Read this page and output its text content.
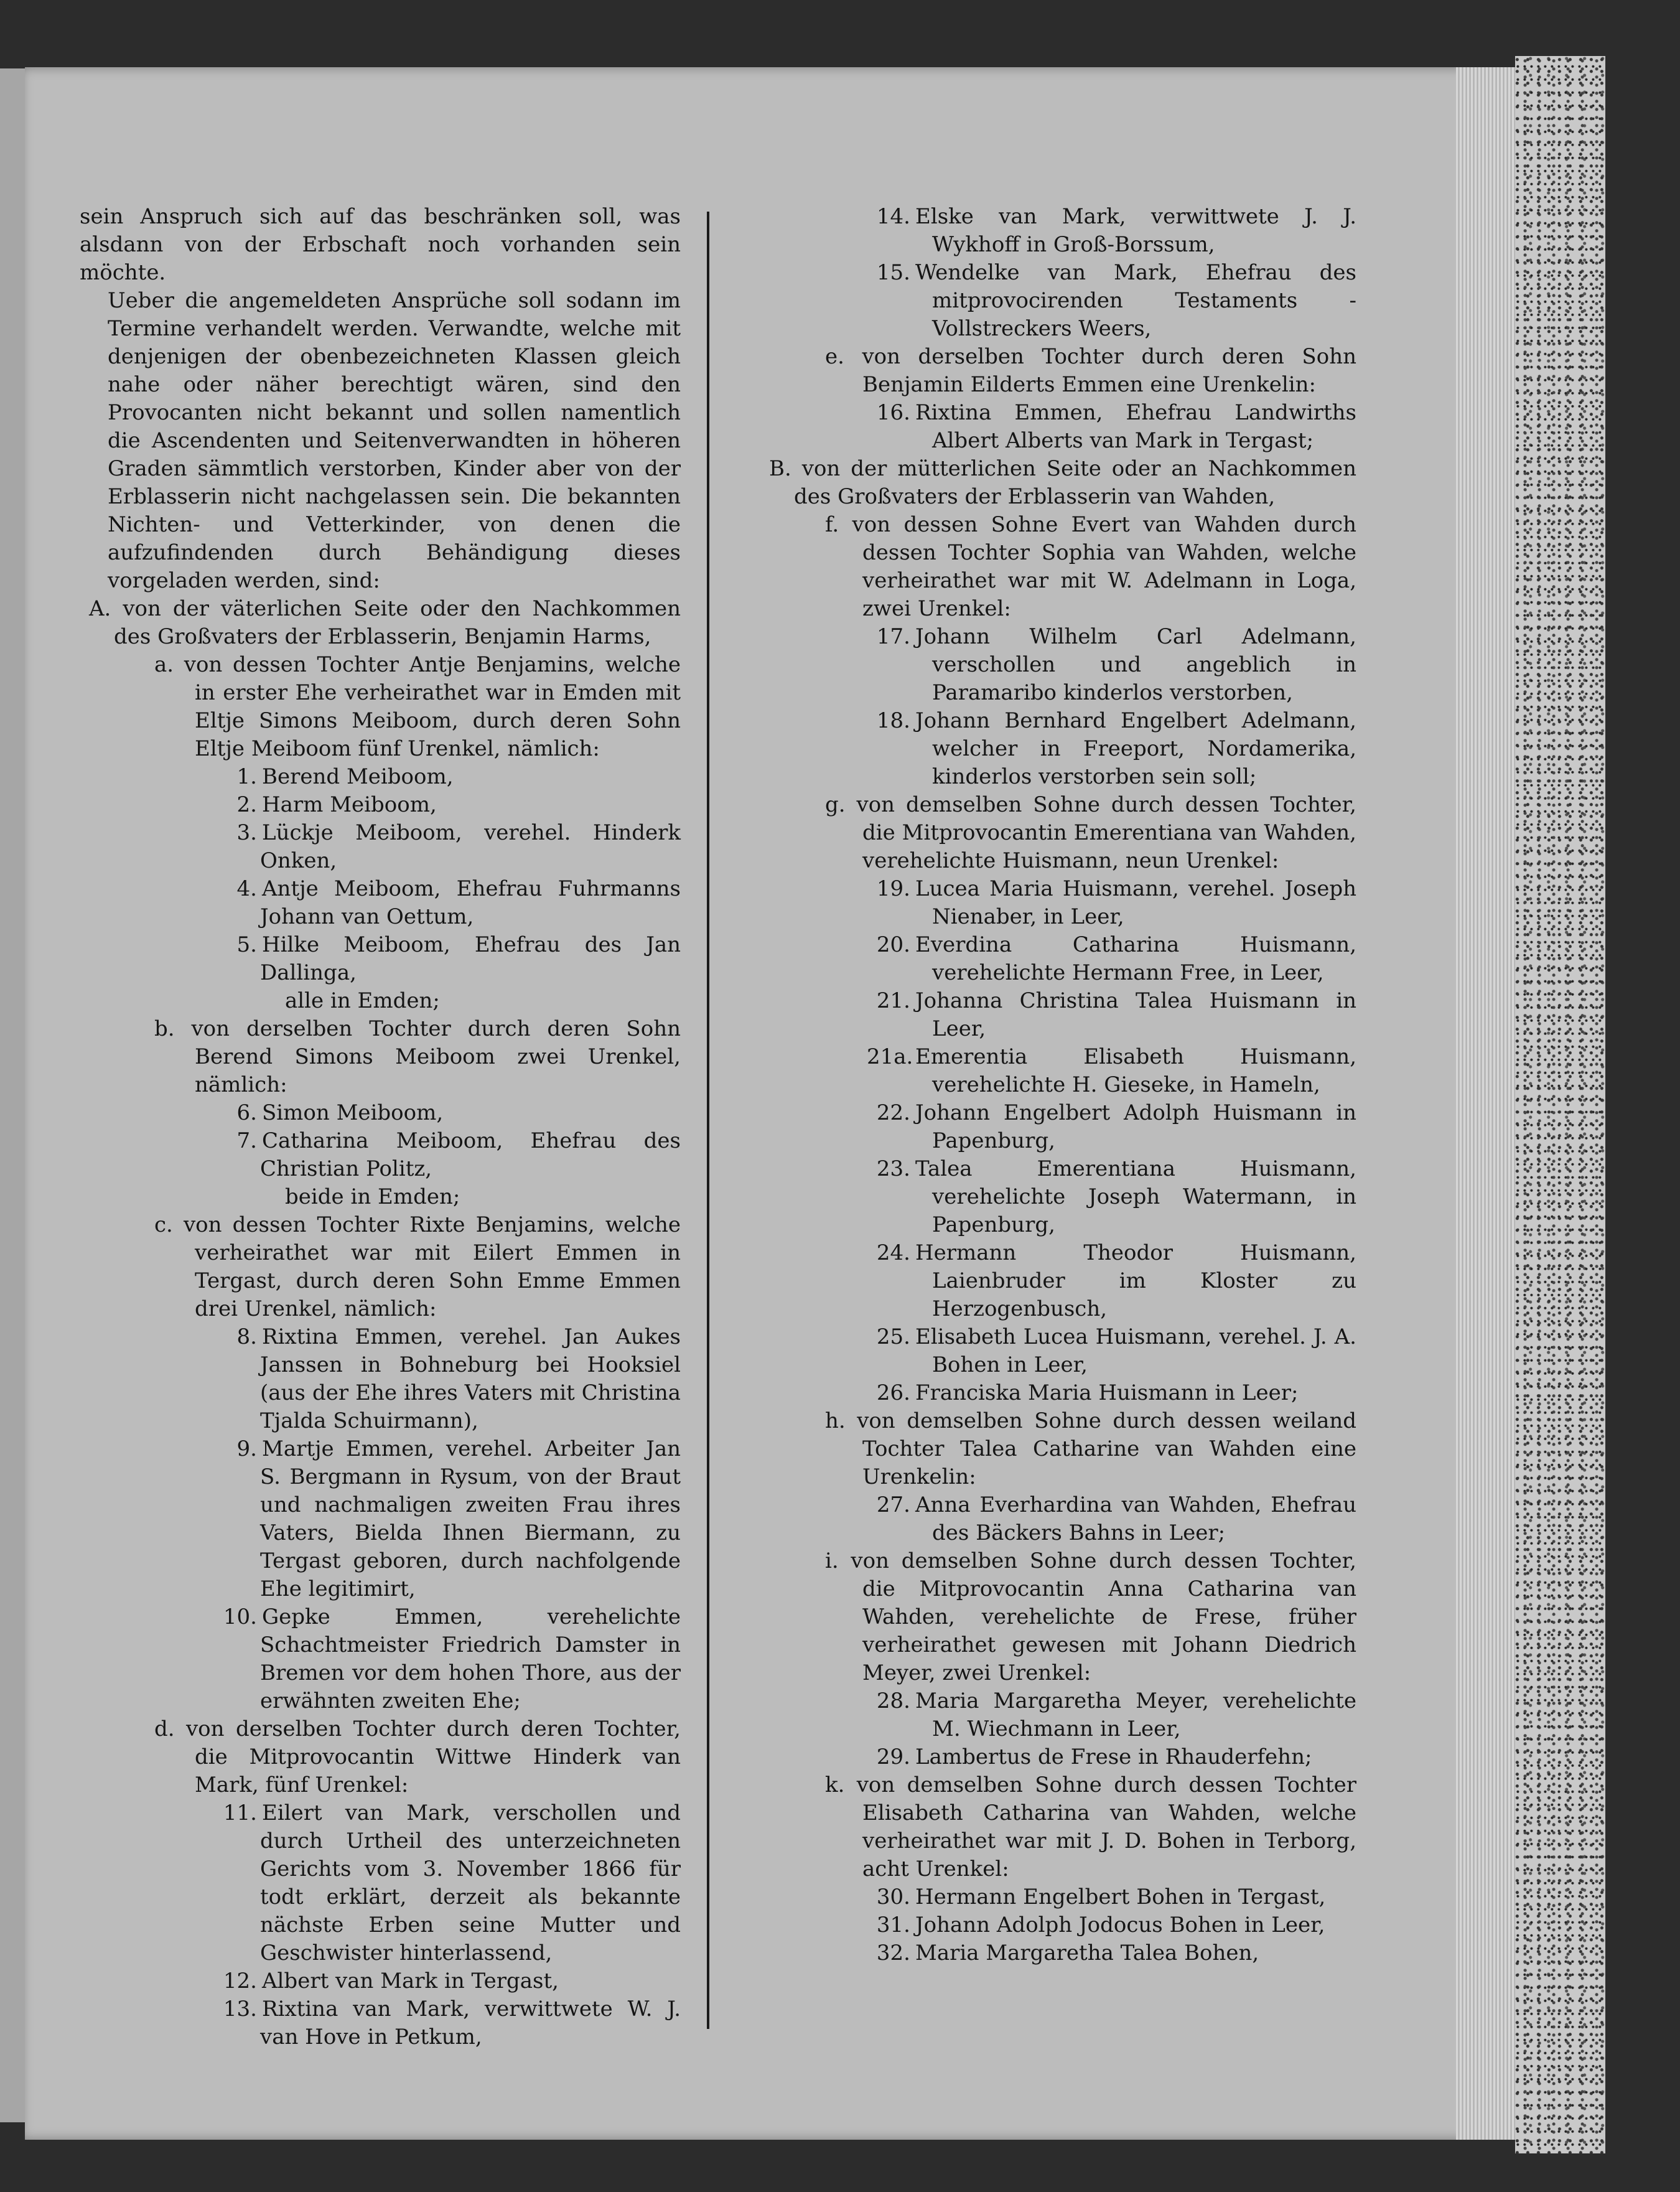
sein Anspruch sich auf das beschränken soll, was alsdann von der Erbschaft noch vorhanden sein möchte.

Ueber die angemeldeten Ansprüche soll sodann im Termine verhandelt werden. Verwandte, welche mit denjenigen der obenbezeichneten Klassen gleich nahe oder näher berechtigt wären, sind den Provocanten nicht bekannt und sollen namentlich die Ascendenten und Seitenverwandten in höheren Graden sämmtlich verstorben, Kinder aber von der Erblasserin nicht nachgelassen sein. Die bekannten Nichten- und Vetterkinder, von denen die aufzufindenden durch Behändigung dieses vorgeladen werden, sind:

A. von der väterlichen Seite oder den Nachkommen des Großvaters der Erblasserin, Benjamin Harms,

a. von dessen Tochter Antje Benjamins, welche in erster Ehe verheirathet war in Emden mit Eltje Simons Meiboom, durch deren Sohn Eltje Meiboom fünf Urenkel, nämlich:

1. Berend Meiboom,

2. Harm Meiboom,

3. Lückje Meiboom, verehel. Hinderk Onken,

4. Antje Meiboom, Ehefrau Fuhrmanns Johann van Oettum,

5. Hilke Meiboom, Ehefrau des Jan Dallinga,

alle in Emden;

b. von derselben Tochter durch deren Sohn Berend Simons Meiboom zwei Urenkel, nämlich:

6. Simon Meiboom,

7. Catharina Meiboom, Ehefrau des Christian Politz,

beide in Emden;

c. von dessen Tochter Rixte Benjamins, welche verheirathet war mit Eilert Emmen in Tergast, durch deren Sohn Emme Emmen drei Urenkel, nämlich:

8. Rixtina Emmen, verehel. Jan Aukes Janssen in Bohneburg bei Hooksiel (aus der Ehe ihres Vaters mit Christina Tjalda Schuirmann),

9. Martje Emmen, verehel. Arbeiter Jan S. Bergmann in Rysum, von der Braut und nachmaligen zweiten Frau ihres Vaters, Bielda Ihnen Biermann, zu Tergast geboren, durch nachfolgende Ehe legitimirt,

10. Gepke Emmen, verehelichte Schachtmeister Friedrich Damster in Bremen vor dem hohen Thore, aus der erwähnten zweiten Ehe;

d. von derselben Tochter durch deren Tochter, die Mitprovocantin Wittwe Hinderk van Mark, fünf Urenkel:

11. Eilert van Mark, verschollen und durch Urtheil des unterzeichneten Gerichts vom 3. November 1866 für todt erklärt, derzeit als bekannte nächste Erben seine Mutter und Geschwister hinterlassend,

12. Albert van Mark in Tergast,

13. Rixtina van Mark, verwittwete W. J. van Hove in Petkum,

14. Elske van Mark, verwittwete J. J. Wykhoff in Groß-Borssum,

15. Wendelke van Mark, Ehefrau des mitprovocirenden Testaments - Vollstreckers Weers,

e. von derselben Tochter durch deren Sohn Benjamin Eilderts Emmen eine Urenkelin:

16. Rixtina Emmen, Ehefrau Landwirths Albert Alberts van Mark in Tergast;

B. von der mütterlichen Seite oder an Nachkommen des Großvaters der Erblasserin van Wahden,

f. von dessen Sohne Evert van Wahden durch dessen Tochter Sophia van Wahden, welche verheirathet war mit W. Adelmann in Loga, zwei Urenkel:

17. Johann Wilhelm Carl Adelmann, verschollen und angeblich in Paramaribo kinderlos verstorben,

18. Johann Bernhard Engelbert Adelmann, welcher in Freeport, Nordamerika, kinderlos verstorben sein soll;

g. von demselben Sohne durch dessen Tochter, die Mitprovocantin Emerentiana van Wahden, verehelichte Huismann, neun Urenkel:

19. Lucea Maria Huismann, verehel. Joseph Nienaber, in Leer,

20. Everdina Catharina Huismann, verehelichte Hermann Free, in Leer,

21. Johanna Christina Talea Huismann in Leer,

21a. Emerentia Elisabeth Huismann, verehelichte H. Gieseke, in Hameln,

22. Johann Engelbert Adolph Huismann in Papenburg,

23. Talea Emerentiana Huismann, verehelichte Joseph Watermann, in Papenburg,

24. Hermann Theodor Huismann, Laienbruder im Kloster zu Herzogenbusch,

25. Elisabeth Lucea Huismann, verehel. J. A. Bohen in Leer,

26. Franciska Maria Huismann in Leer;

h. von demselben Sohne durch dessen weiland Tochter Talea Catharine van Wahden eine Urenkelin:

27. Anna Everhardina van Wahden, Ehefrau des Bäckers Bahns in Leer;

i. von demselben Sohne durch dessen Tochter, die Mitprovocantin Anna Catharina van Wahden, verehelichte de Frese, früher verheirathet gewesen mit Johann Diedrich Meyer, zwei Urenkel:

28. Maria Margaretha Meyer, verehelichte M. Wiechmann in Leer,

29. Lambertus de Frese in Rhauderfehn;

k. von demselben Sohne durch dessen Tochter Elisabeth Catharina van Wahden, welche verheirathet war mit J. D. Bohen in Terborg, acht Urenkel:

30. Hermann Engelbert Bohen in Tergast,

31. Johann Adolph Jodocus Bohen in Leer,

32. Maria Margaretha Talea Bohen,
